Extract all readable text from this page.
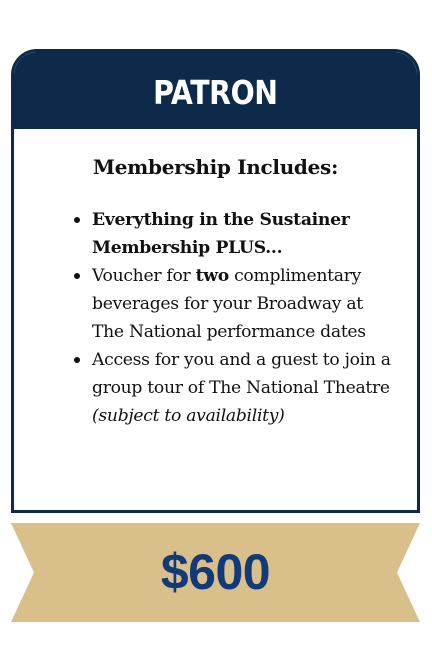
PATRON
Membership Includes:
Everything in the Sustainer Membership PLUS...
Voucher for two complimentary beverages for your Broadway at The National performance dates
Access for you and a guest to join a group tour of The National Theatre (subject to availability)
$600
